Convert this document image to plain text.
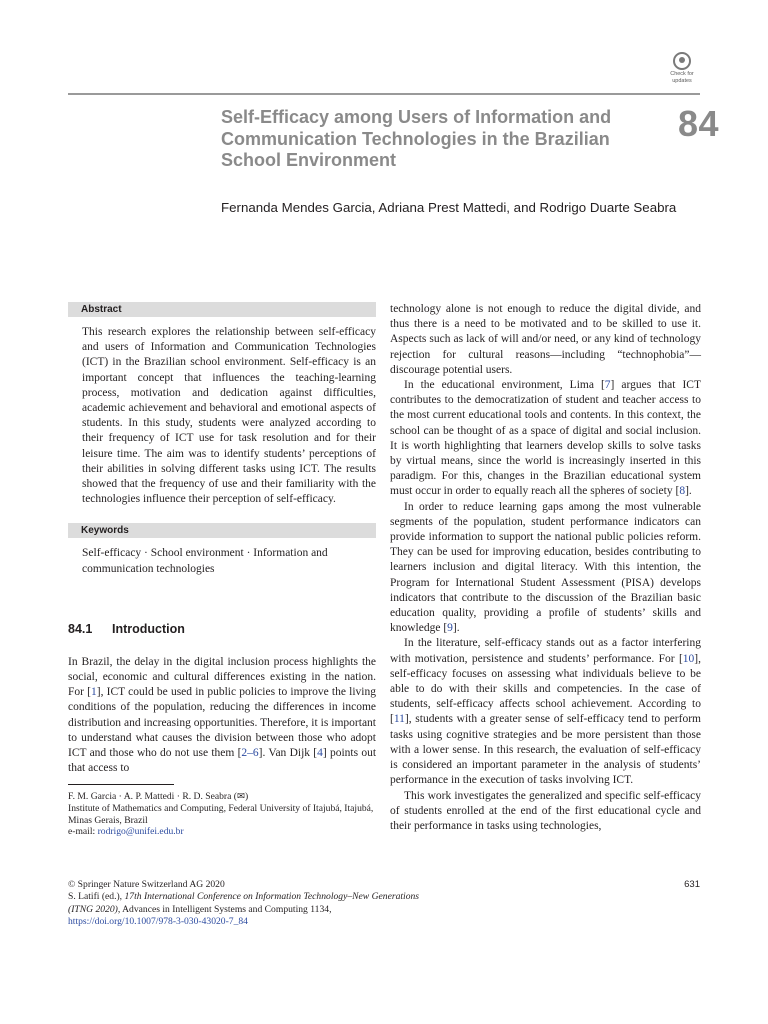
Check for
updates
84
Self-Efficacy among Users of Information and Communication Technologies in the Brazilian School Environment
Fernanda Mendes Garcia, Adriana Prest Mattedi, and Rodrigo Duarte Seabra
Abstract

This research explores the relationship between self-efficacy and users of Information and Communication Technologies (ICT) in the Brazilian school environment. Self-efficacy is an important concept that influences the teaching-learning process, motivation and dedication against difficulties, academic achievement and behavioral and emotional aspects of students. In this study, students were analyzed according to their frequency of ICT use for task resolution and for their leisure time. The aim was to identify students’ perceptions of their abilities in solving different tasks using ICT. The results showed that the frequency of use and their familiarity with the technologies influence their perception of self-efficacy.

Keywords

Self-efficacy · School environment · Information and communication technologies

84.1 Introduction

In Brazil, the delay in the digital inclusion process highlights the social, economic and cultural differences existing in the nation. For [1], ICT could be used in public policies to improve the living conditions of the population, reducing the differences in income distribution and increasing opportunities. Therefore, it is important to understand what causes the division between those who adopt ICT and those who do not use them [2–6]. Van Dijk [4] points out that access to

F. M. Garcia · A. P. Mattedi · R. D. Seabra (✉)
Institute of Mathematics and Computing, Federal University of Itajubá, Itajubá, Minas Gerais, Brazil
e-mail: rodrigo@unifei.edu.br

technology alone is not enough to reduce the digital divide, and thus there is a need to be motivated and to be skilled to use it. Aspects such as lack of will and/or need, or any kind of technology rejection for cultural reasons—including “technophobia”—discourage potential users.

In the educational environment, Lima [7] argues that ICT contributes to the democratization of student and teacher access to the most current educational tools and contents. In this context, the school can be thought of as a space of digital and social inclusion. It is worth highlighting that learners develop skills to solve tasks by virtual means, since the world is increasingly inserted in this paradigm. For this, changes in the Brazilian educational system must occur in order to equally reach all the spheres of society [8].

In order to reduce learning gaps among the most vulnerable segments of the population, student performance indicators can provide information to support the national public policies reform. They can be used for improving education, besides contributing to learners inclusion and digital literacy. With this intention, the Program for International Student Assessment (PISA) develops indicators that contribute to the discussion of the Brazilian basic education quality, providing a profile of students’ skills and knowledge [9].

In the literature, self-efficacy stands out as a factor interfering with motivation, persistence and students’ performance. For [10], self-efficacy focuses on assessing what individuals believe to be able to do with their skills and competencies. In the case of students, self-efficacy affects school achievement. According to [11], students with a greater sense of self-efficacy tend to perform tasks using cognitive strategies and be more persistent than those with a lower sense. In this research, the evaluation of self-efficacy is considered an important parameter in the analysis of students’ performance in the execution of tasks involving ICT.

This work investigates the generalized and specific self-efficacy of students enrolled at the end of the first educational cycle and their performance in tasks using technologies,

© Springer Nature Switzerland AG 2020
S. Latifi (ed.), 17th International Conference on Information Technology–New Generations
(ITNG 2020), Advances in Intelligent Systems and Computing 1134,
https://doi.org/10.1007/978-3-030-43020-7_84
631
